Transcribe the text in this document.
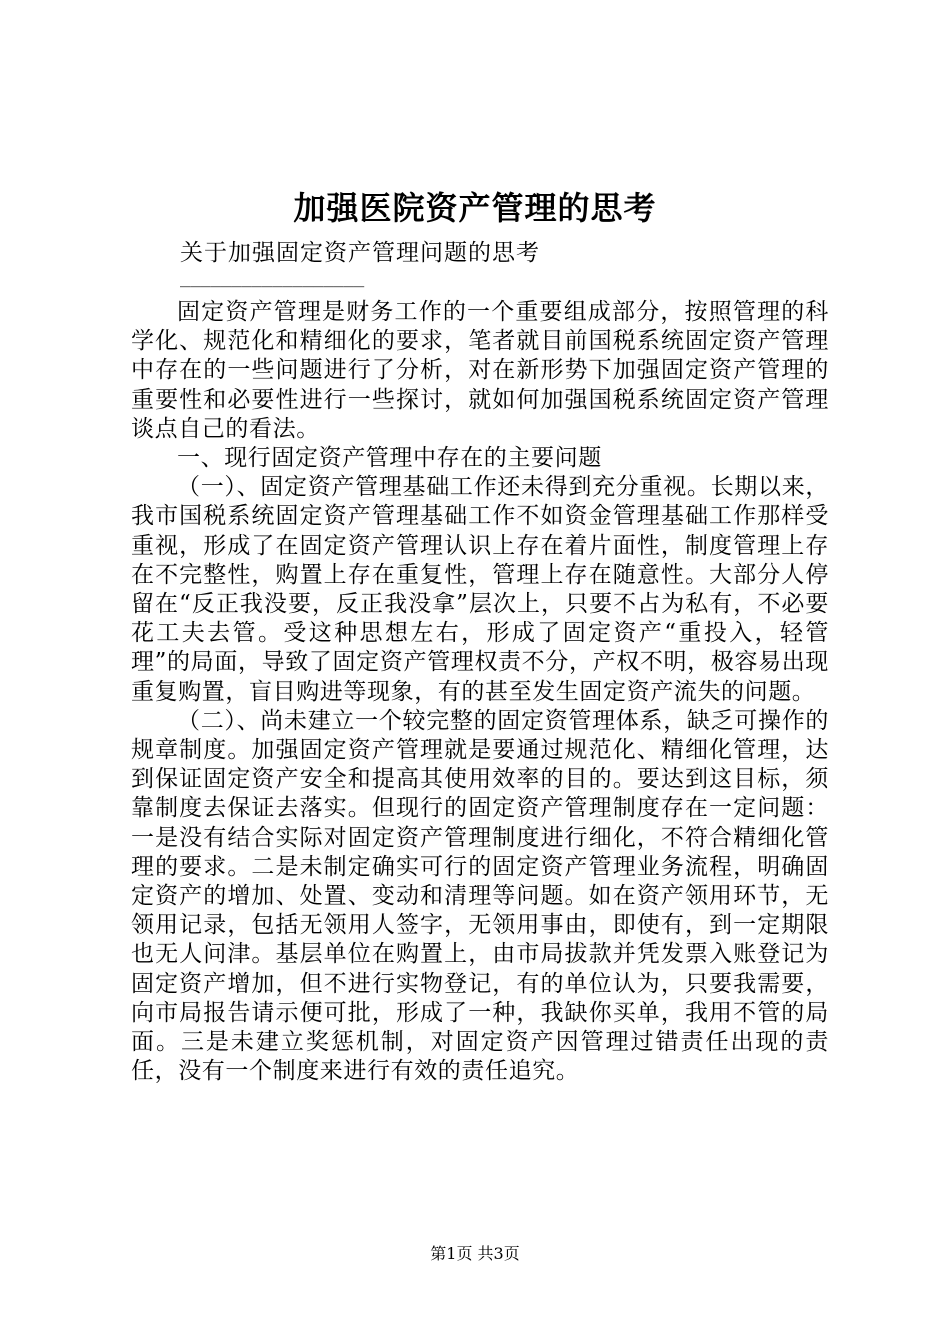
加强医院资产管理的思考
关于加强固定资产管理问题的思考
__________________

固定资产管理是财务工作的一个重要组成部分，按照管理的科学化、规范化和精细化的要求，笔者就目前国税系统固定资产管理中存在的一些问题进行了分析，对在新形势下加强固定资产管理的重要性和必要性进行一些探讨，就如何加强国税系统固定资产管理谈点自己的看法。

一、现行固定资产管理中存在的主要问题

（一）、固定资产管理基础工作还未得到充分重视。长期以来，我市国税系统固定资产管理基础工作不如资金管理基础工作那样受重视，形成了在固定资产管理认识上存在着片面性，制度管理上存在不完整性，购置上存在重复性，管理上存在随意性。大部分人停留在“反正我没要，反正我没拿”层次上，只要不占为私有，不必要花工夫去管。受这种思想左右，形成了固定资产“重投入，轻管理”的局面，导致了固定资产管理权责不分，产权不明，极容易出现重复购置，盲目购进等现象，有的甚至发生固定资产流失的问题。

（二）、尚未建立一个较完整的固定资管理体系，缺乏可操作的规章制度。加强固定资产管理就是要通过规范化、精细化管理，达到保证固定资产安全和提高其使用效率的目的。要达到这目标，须靠制度去保证去落实。但现行的固定资产管理制度存在一定问题：一是没有结合实际对固定资产管理制度进行细化，不符合精细化管理的要求。二是未制定确实可行的固定资产管理业务流程，明确固定资产的增加、处置、变动和清理等问题。如在资产领用环节，无领用记录，包括无领用人签字，无领用事由，即使有，到一定期限也无人问津。基层单位在购置上，由市局拔款并凭发票入账登记为固定资产增加，但不进行实物登记，有的单位认为，只要我需要，向市局报告请示便可批，形成了一种，我缺你买单，我用不管的局面。三是未建立奖惩机制，对固定资产因管理过错责任出现的责任，没有一个制度来进行有效的责任追究。

第1页 共3页
